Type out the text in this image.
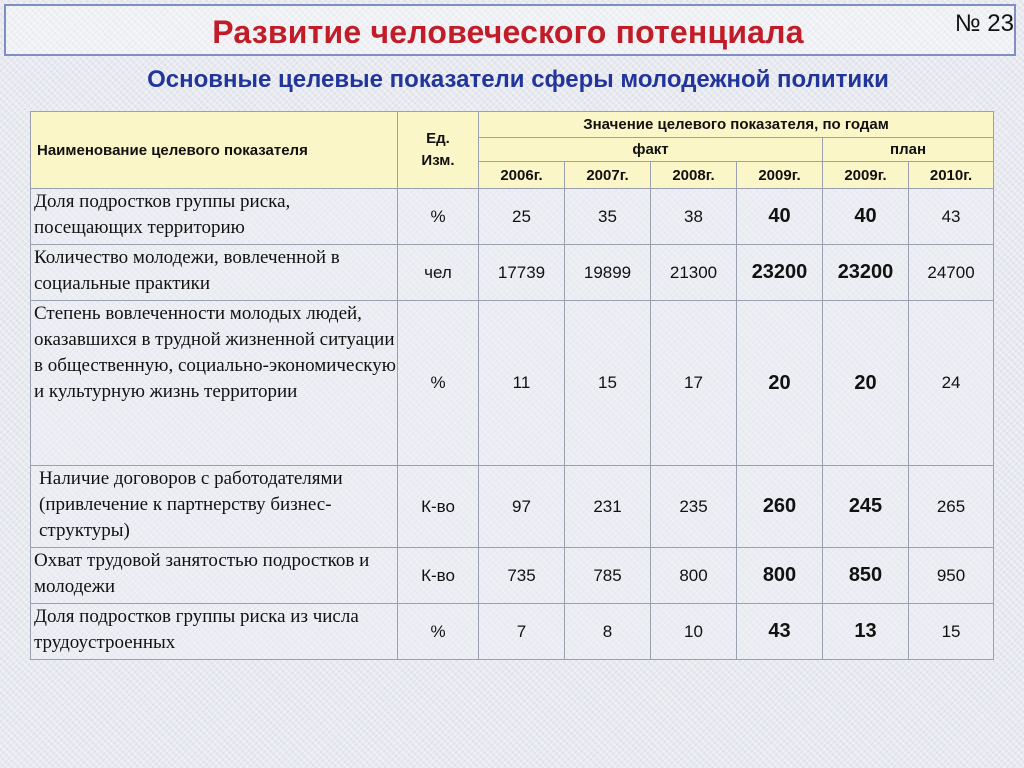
Развитие человеческого потенциала	№ 23
Основные целевые показатели сферы молодежной политики
Наименование целевого показателя	Ед. Изм.	Значение целевого показателя, по годам					
		факт				план	
		2006г.	2007г.	2008г.	2009г.	2009г.	2010г.
Доля подростков группы риска, посещающих территорию	%	25	35	38	40	40	43
Количество молодежи, вовлеченной в социальные практики	чел	17739	19899	21300	23200	23200	24700
Степень вовлеченности молодых людей, оказавшихся в трудной жизненной ситуации в общественную, социально-экономическую и культурную жизнь территории	%	11	15	17	20	20	24
Наличие договоров с работодателями (привлечение к партнерству бизнес-структуры)	К-во	97	231	235	260	245	265
Охват трудовой занятостью подростков и молодежи	К-во	735	785	800	800	850	950
Доля подростков группы риска из числа трудоустроенных	%	7	8	10	43	13	15
